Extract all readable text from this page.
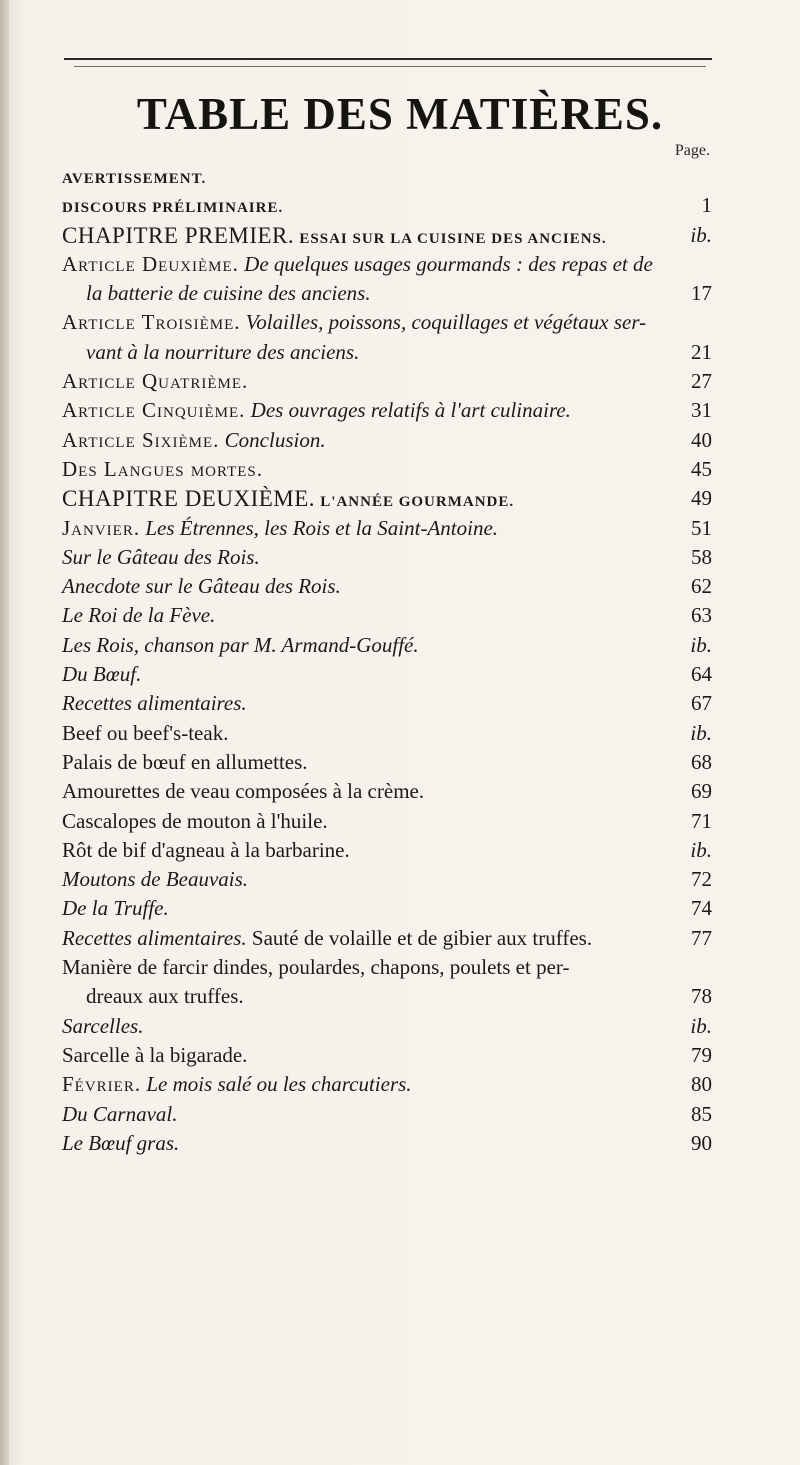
TABLE DES MATIÈRES.
Page.
AVERTISSEMENT.
DISCOURS PRÉLIMINAIRE.	1
CHAPITRE PREMIER. ESSAI SUR LA CUISINE DES ANCIENS.	ib.
Article Deuxième. De quelques usages gourmands : des repas et de
la batterie de cuisine des anciens.	17
Article Troisième. Volailles, poissons, coquillages et végétaux ser-
vant à la nourriture des anciens.	21
Article Quatrième.	27
Article Cinquième. Des ouvrages relatifs à l'art culinaire.	31
Article Sixième. Conclusion.	40
Des Langues mortes.	45
CHAPITRE DEUXIÈME. L'ANNÉE GOURMANDE.	49
Janvier. Les Étrennes, les Rois et la Saint-Antoine.	51
Sur le Gâteau des Rois.	58
Anecdote sur le Gâteau des Rois.	62
Le Roi de la Fève.	63
Les Rois, chanson par M. Armand-Gouffé.	ib.
Du Bœuf.	64
Recettes alimentaires.	67
Beef ou beef's-teak.	ib.
Palais de bœuf en allumettes.	68
Amourettes de veau composées à la crème.	69
Cascalopes de mouton à l'huile.	71
Rôt de bif d'agneau à la barbarine.	ib.
Moutons de Beauvais.	72
De la Truffe.	74
Recettes alimentaires. Sauté de volaille et de gibier aux truffes.	77
Manière de farcir dindes, poulardes, chapons, poulets et per-
dreaux aux truffes.	78
Sarcelles.	ib.
Sarcelle à la bigarade.	79
Février. Le mois salé ou les charcutiers.	80
Du Carnaval.	85
Le Bœuf gras.	90
